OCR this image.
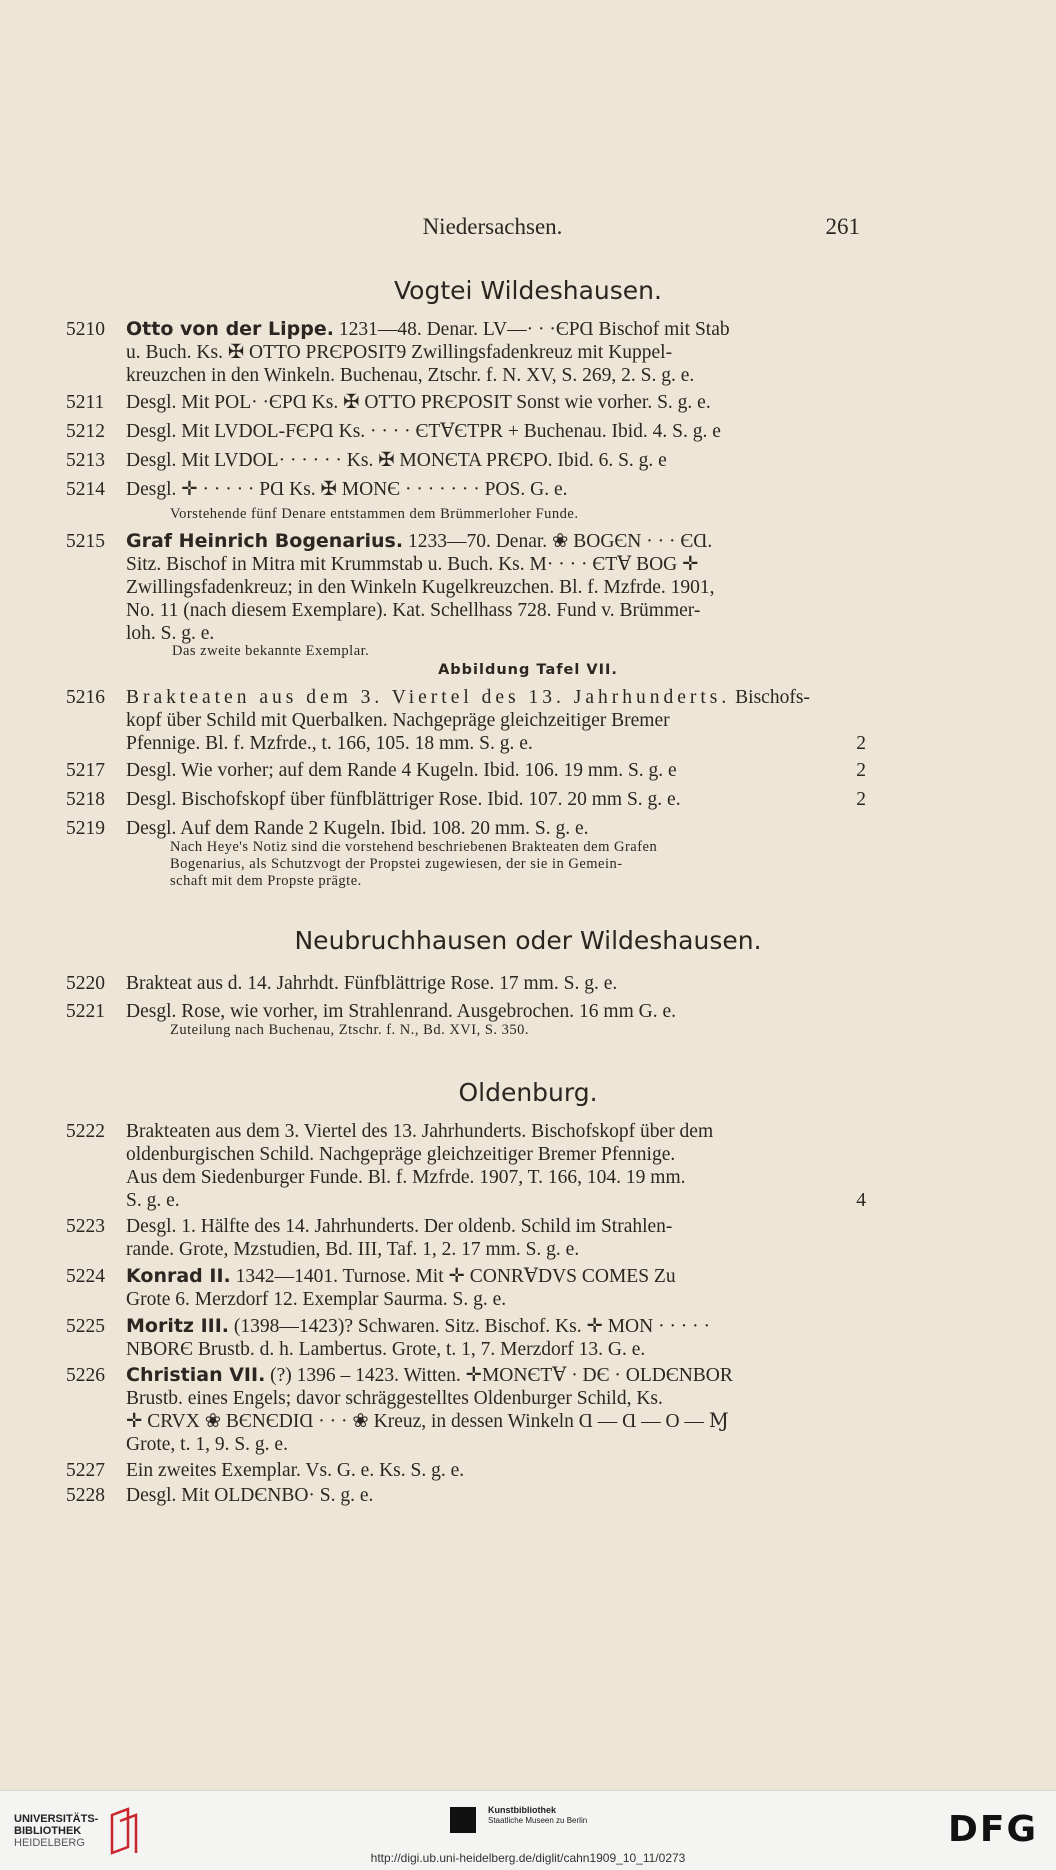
Niedersachsen.	261
Vogtei Wildeshausen.
5210	Otto von der Lippe. 1231—48. Denar. LV—· · ·ЄPⱭ Bischof mit Stab
u. Buch. Ks. ✠ OTTO PRЄPOSIT9 Zwillingsfadenkreuz mit Kuppel-
kreuzchen in den Winkeln. Buchenau, Ztschr. f. N. XV, S. 269, 2. S. g. e.
5211	Desgl. Mit POL· ·ЄPⱭ Ks. ✠ OTTO PRЄPOSIT Sonst wie vorher. S. g. e.
5212	Desgl. Mit LVDOL-FЄPⱭ Ks. · · · · ЄTⱯЄTPR + Buchenau. Ibid. 4. S. g. e
5213	Desgl. Mit LVDOL· · · · · · Ks. ✠ MONЄTA PRЄPO. Ibid. 6. S. g. e
5214	Desgl. ✛ · · · · · PⱭ Ks. ✠ MONЄ · · · · · · · POS. G. e.
Vorstehende fünf Denare entstammen dem Brümmerloher Funde.
5215	Graf Heinrich Bogenarius. 1233—70. Denar. ❀ BOGЄN · · · ЄⱭ.
Sitz. Bischof in Mitra mit Krummstab u. Buch. Ks. M· · · · ЄTⱯ BOG ✛
Zwillingsfadenkreuz; in den Winkeln Kugelkreuzchen. Bl. f. Mzfrde. 1901,
No. 11 (nach diesem Exemplare). Kat. Schellhass 728. Fund v. Brümmer-
loh. S. g. e.
Das zweite bekannte Exemplar.
Abbildung Tafel VII.
5216	Brakteaten aus dem 3. Viertel des 13. Jahrhunderts. Bischofs-
kopf über Schild mit Querbalken. Nachgepräge gleichzeitiger Bremer
Pfennige. Bl. f. Mzfrde., t. 166, 105. 18 mm. S. g. e.	2
5217	Desgl. Wie vorher; auf dem Rande 4 Kugeln. Ibid. 106. 19 mm. S. g. e	2
5218	Desgl. Bischofskopf über fünfblättriger Rose. Ibid. 107. 20 mm S. g. e.	2
5219	Desgl. Auf dem Rande 2 Kugeln. Ibid. 108. 20 mm. S. g. e.
Nach Heye's Notiz sind die vorstehend beschriebenen Brakteaten dem Grafen
Bogenarius, als Schutzvogt der Propstei zugewiesen, der sie in Gemein-
schaft mit dem Propste prägte.
Neubruchhausen oder Wildeshausen.
5220	Brakteat aus d. 14. Jahrhdt. Fünfblättrige Rose. 17 mm. S. g. e.
5221	Desgl. Rose, wie vorher, im Strahlenrand. Ausgebrochen. 16 mm G. e.
Zuteilung nach Buchenau, Ztschr. f. N., Bd. XVI, S. 350.
Oldenburg.
5222	Brakteaten aus dem 3. Viertel des 13. Jahrhunderts. Bischofskopf über dem
oldenburgischen Schild. Nachgepräge gleichzeitiger Bremer Pfennige.
Aus dem Siedenburger Funde. Bl. f. Mzfrde. 1907, T. 166, 104. 19 mm.
S. g. e.	4
5223	Desgl. 1. Hälfte des 14. Jahrhunderts. Der oldenb. Schild im Strahlen-
rande. Grote, Mzstudien, Bd. III, Taf. 1, 2. 17 mm. S. g. e.
5224	Konrad II. 1342—1401. Turnose. Mit ✛ CONRⱯDVS COMES Zu
Grote 6. Merzdorf 12. Exemplar Saurma. S. g. e.
5225	Moritz III. (1398—1423)? Schwaren. Sitz. Bischof. Ks. ✛ MON · · · · ·
NBORЄ Brustb. d. h. Lambertus. Grote, t. 1, 7. Merzdorf 13. G. e.
5226	Christian VII. (?) 1396 – 1423. Witten. ✛MONЄTⱯ · DЄ · OLDЄNBOR
Brustb. eines Engels; davor schräggestelltes Oldenburger Schild, Ks.
✛ CRVX ❀ BЄNЄDIⱭ · · · ❀ Kreuz, in dessen Winkeln Ɑ — Ɑ — O — Ɱ
Grote, t. 1, 9. S. g. e.
5227	Ein zweites Exemplar. Vs. G. e. Ks. S. g. e.
5228	Desgl. Mit OLDЄNBO· S. g. e.
UNIVERSITÄTS-
BIBLIOTHEK
HEIDELBERG
Kunstbibliothek
Staatliche Museen zu Berlin	DFG
http://digi.ub.uni-heidelberg.de/diglit/cahn1909_10_11/0273
